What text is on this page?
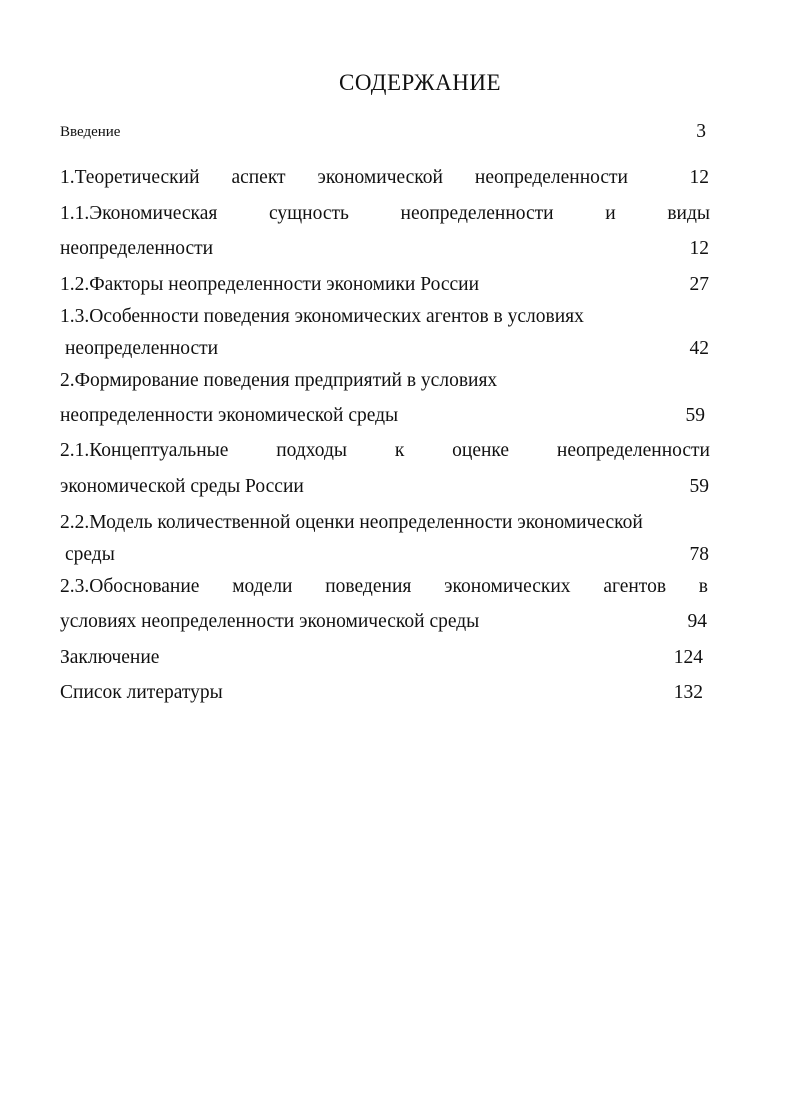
СОДЕРЖАНИЕ
Введение	3
1.Теоретический аспект экономической неопределенности	12
1.1.Экономическая	сущность	неопределенности	и	виды
неопределенности	12
1.2.Факторы неопределенности экономики России	27
1.3.Особенности поведения экономических агентов в условиях
неопределенности	42
2.Формирование поведения предприятий в условиях
неопределенности экономической среды	59
2.1.Концептуальные подходы к оценке неопределенности
экономической среды России	59
2.2.Модель количественной оценки неопределенности экономической
среды	78
2.3.Обоснование модели поведения экономических агентов в
условиях неопределенности экономической среды	94
Заключение	124
Список литературы	132
